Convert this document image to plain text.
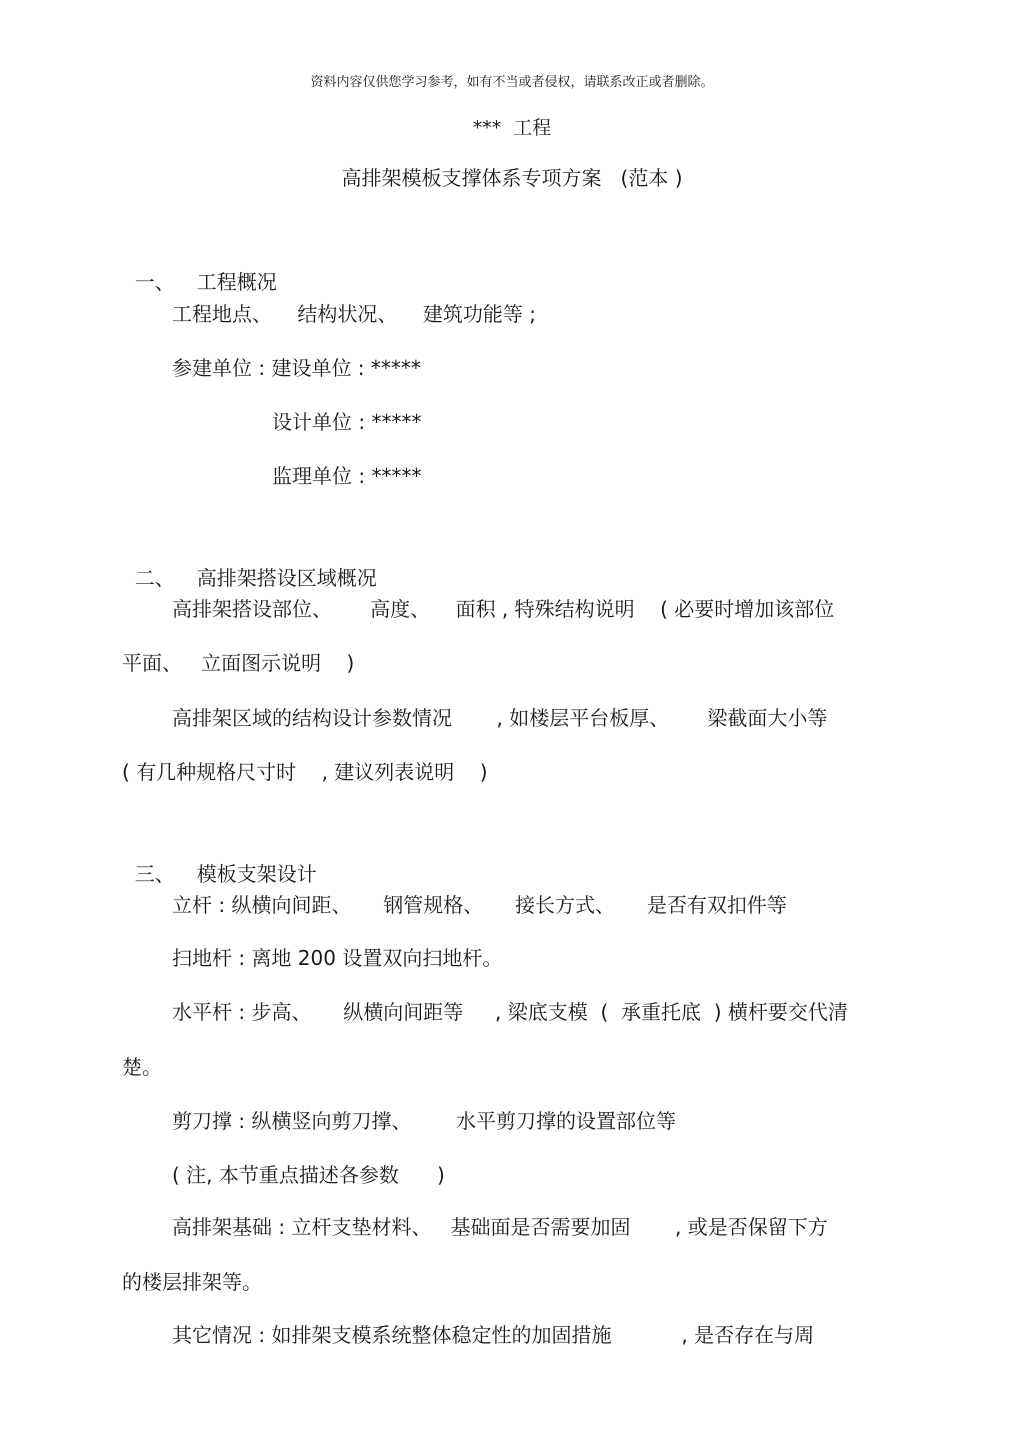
资料内容仅供您学习参考，如有不当或者侵权，请联系改正或者删除。
***  工程
高排架模板支撑体系专项方案   (范本 )

一、 工程概况

工程地点、    结构状况、    建筑功能等 ;
参建单位 : 建设单位 : *****
设计单位 : *****
监理单位 : *****

二、 高排架搭设区域概况

高排架搭设部位、      高度、    面积 , 特殊结构说明    ( 必要时增加该部位
平面、   立面图示说明    )
高排架区域的结构设计参数情况       , 如楼层平台板厚、      梁截面大小等
( 有几种规格尺寸时    , 建议列表说明    )

三、 模板支架设计

立杆 : 纵横向间距、     钢管规格、     接长方式、     是否有双扣件等
扫地杆 : 离地 200 设置双向扫地杆。
水平杆 : 步高、     纵横向间距等     , 梁底支模  (  承重托底  ) 横杆要交代清
楚。
剪刀撑 : 纵横竖向剪刀撑、       水平剪刀撑的设置部位等
( 注, 本节重点描述各参数      )
高排架基础 : 立杆支垫材料、   基础面是否需要加固       , 或是否保留下方
的楼层排架等。
其它情况 : 如排架支模系统整体稳定性的加固措施           , 是否存在与周
